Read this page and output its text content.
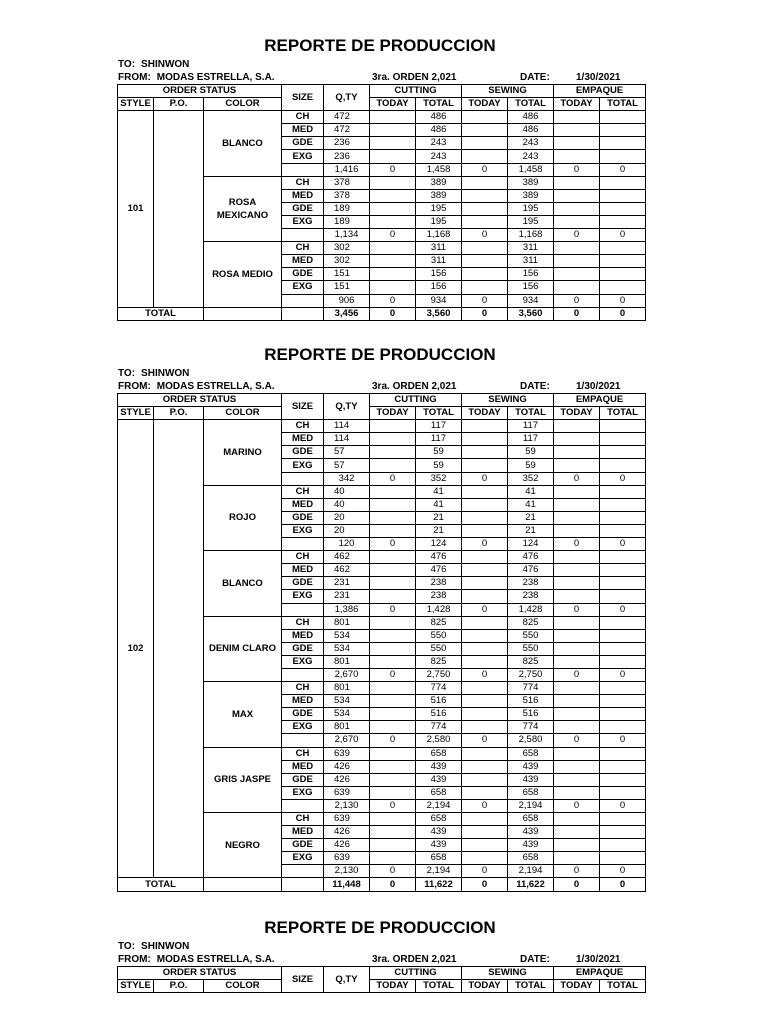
REPORTE DE PRODUCCION
TO: SHINWON
FROM: MODAS ESTRELLA, S.A.	3ra. ORDEN 2,021	DATE:	1/30/2021
ORDER STATUS			SIZE	Q,TY	CUTTING		SEWING		EMPAQUE	
STYLE	P.O.	COLOR			TODAY	TOTAL	TODAY	TOTAL	TODAY	TOTAL
101		BLANCO	CH	472		486		486		
			MED	472		486		486		
			GDE	236		243		243		
			EXG	236		243		243		
				1,416	0	1,458	0	1,458	0	0
		ROSA MEXICANO	CH	378		389		389		
			MED	378		389		389		
			GDE	189		195		195		
			EXG	189		195		195		
				1,134	0	1,168	0	1,168	0	0
		ROSA MEDIO	CH	302		311		311		
			MED	302		311		311		
			GDE	151		156		156		
			EXG	151		156		156		
				906	0	934	0	934	0	0
TOTAL				3,456	0	3,560	0	3,560	0	0
REPORTE DE PRODUCCION
TO: SHINWON
FROM: MODAS ESTRELLA, S.A.	3ra. ORDEN 2,021	DATE:	1/30/2021
ORDER STATUS			SIZE	Q,TY	CUTTING		SEWING		EMPAQUE	
STYLE	P.O.	COLOR			TODAY	TOTAL	TODAY	TOTAL	TODAY	TOTAL
102		MARINO	CH	114		117		117		
			MED	114		117		117		
			GDE	57		59		59		
			EXG	57		59		59		
				342	0	352	0	352	0	0
		ROJO	CH	40		41		41		
			MED	40		41		41		
			GDE	20		21		21		
			EXG	20		21		21		
				120	0	124	0	124	0	0
		BLANCO	CH	462		476		476		
			MED	462		476		476		
			GDE	231		238		238		
			EXG	231		238		238		
				1,386	0	1,428	0	1,428	0	0
		DENIM CLARO	CH	801		825		825		
			MED	534		550		550		
			GDE	534		550		550		
			EXG	801		825		825		
				2,670	0	2,750	0	2,750	0	0
		MAX	CH	801		774		774		
			MED	534		516		516		
			GDE	534		516		516		
			EXG	801		774		774		
				2,670	0	2,580	0	2,580	0	0
		GRIS JASPE	CH	639		658		658		
			MED	426		439		439		
			GDE	426		439		439		
			EXG	639		658		658		
				2,130	0	2,194	0	2,194	0	0
		NEGRO	CH	639		658		658		
			MED	426		439		439		
			GDE	426		439		439		
			EXG	639		658		658		
				2,130	0	2,194	0	2,194	0	0
TOTAL				11,448	0	11,622	0	11,622	0	0
REPORTE DE PRODUCCION
TO: SHINWON
FROM: MODAS ESTRELLA, S.A.	3ra. ORDEN 2,021	DATE:	1/30/2021
ORDER STATUS			SIZE	Q,TY	CUTTING		SEWING		EMPAQUE	
STYLE	P.O.	COLOR			TODAY	TOTAL	TODAY	TOTAL	TODAY	TOTAL
